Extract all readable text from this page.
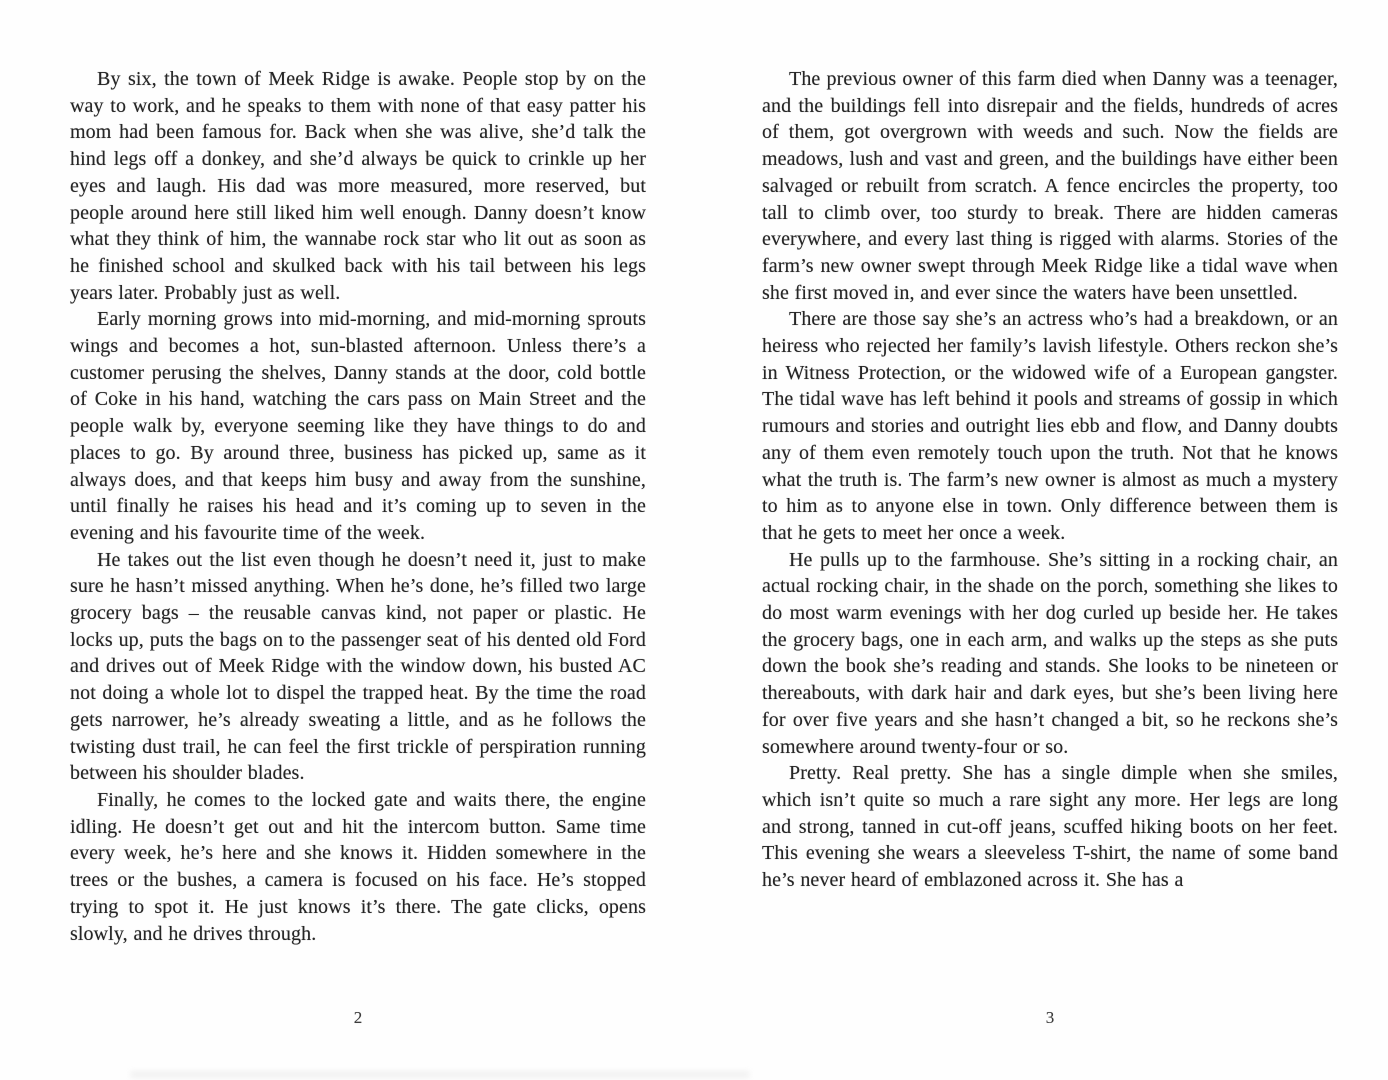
By six, the town of Meek Ridge is awake. People stop by on the way to work, and he speaks to them with none of that easy patter his mom had been famous for. Back when she was alive, she’d talk the hind legs off a donkey, and she’d always be quick to crinkle up her eyes and laugh. His dad was more measured, more reserved, but people around here still liked him well enough. Danny doesn’t know what they think of him, the wannabe rock star who lit out as soon as he finished school and skulked back with his tail between his legs years later. Probably just as well.

Early morning grows into mid-morning, and mid-morning sprouts wings and becomes a hot, sun-blasted afternoon. Unless there’s a customer perusing the shelves, Danny stands at the door, cold bottle of Coke in his hand, watching the cars pass on Main Street and the people walk by, everyone seeming like they have things to do and places to go. By around three, business has picked up, same as it always does, and that keeps him busy and away from the sunshine, until finally he raises his head and it’s coming up to seven in the evening and his favourite time of the week.

He takes out the list even though he doesn’t need it, just to make sure he hasn’t missed anything. When he’s done, he’s filled two large grocery bags – the reusable canvas kind, not paper or plastic. He locks up, puts the bags on to the passenger seat of his dented old Ford and drives out of Meek Ridge with the window down, his busted AC not doing a whole lot to dispel the trapped heat. By the time the road gets narrower, he’s already sweating a little, and as he follows the twisting dust trail, he can feel the first trickle of perspiration running between his shoulder blades.

Finally, he comes to the locked gate and waits there, the engine idling. He doesn’t get out and hit the intercom button. Same time every week, he’s here and she knows it. Hidden somewhere in the trees or the bushes, a camera is focused on his face. He’s stopped trying to spot it. He just knows it’s there. The gate clicks, opens slowly, and he drives through.

2

The previous owner of this farm died when Danny was a teenager, and the buildings fell into disrepair and the fields, hundreds of acres of them, got overgrown with weeds and such. Now the fields are meadows, lush and vast and green, and the buildings have either been salvaged or rebuilt from scratch. A fence encircles the property, too tall to climb over, too sturdy to break. There are hidden cameras everywhere, and every last thing is rigged with alarms. Stories of the farm’s new owner swept through Meek Ridge like a tidal wave when she first moved in, and ever since the waters have been unsettled.

There are those say she’s an actress who’s had a breakdown, or an heiress who rejected her family’s lavish lifestyle. Others reckon she’s in Witness Protection, or the widowed wife of a European gangster. The tidal wave has left behind it pools and streams of gossip in which rumours and stories and outright lies ebb and flow, and Danny doubts any of them even remotely touch upon the truth. Not that he knows what the truth is. The farm’s new owner is almost as much a mystery to him as to anyone else in town. Only difference between them is that he gets to meet her once a week.

He pulls up to the farmhouse. She’s sitting in a rocking chair, an actual rocking chair, in the shade on the porch, something she likes to do most warm evenings with her dog curled up beside her. He takes the grocery bags, one in each arm, and walks up the steps as she puts down the book she’s reading and stands. She looks to be nineteen or thereabouts, with dark hair and dark eyes, but she’s been living here for over five years and she hasn’t changed a bit, so he reckons she’s somewhere around twenty-four or so.

Pretty. Real pretty. She has a single dimple when she smiles, which isn’t quite so much a rare sight any more. Her legs are long and strong, tanned in cut-off jeans, scuffed hiking boots on her feet. This evening she wears a sleeveless T-shirt, the name of some band he’s never heard of emblazoned across it. She has a

3
